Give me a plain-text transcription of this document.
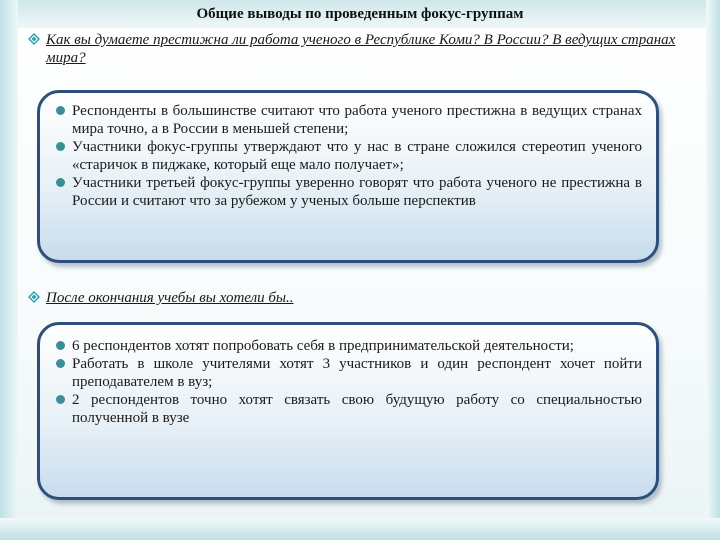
Общие выводы по проведенным фокус-группам
Как вы думаете престижна ли работа ученого в Республике Коми? В России? В ведущих странах мира?
Респонденты в большинстве считают что работа ученого престижна в ведущих странах мира точно, а в России в меньшей степени;
Участники фокус-группы утверждают что у нас в стране сложился стереотип ученого «старичок в пиджаке, который еще мало получает»;
Участники третьей фокус-группы уверенно говорят что работа ученого не престижна в России и считают что за рубежом у ученых больше перспектив
После окончания учебы вы хотели бы..
6 респондентов хотят попробовать себя в предпринимательской деятельности;
Работать в школе учителями хотят 3 участников и один респондент хочет пойти преподавателем в вуз;
2 респондентов точно хотят связать свою будущую работу со специальностью полученной в вузе
